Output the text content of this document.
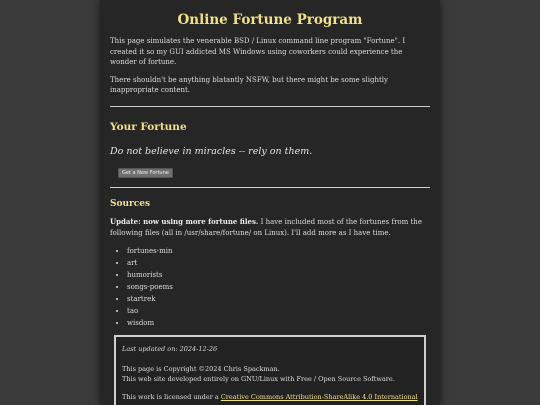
Online Fortune Program

This page simulates the venerable BSD / Linux command line program "Fortune". I created it so my GUI addicted MS Windows using coworkers could experience the wonder of fortune.

There shouldn't be anything blatantly NSFW, but there might be some slightly inappropriate content.

Your Fortune

Do not believe in miracles -- rely on them.

Get a New Fortune
Sources

Update: now using more fortune files. I have included most of the fortunes from the following files (all in /usr/share/fortune/ on Linux). I'll add more as I have time.

• fortunes-min
• art
• humorists
• songs-poems
• startrek
• tao
• wisdom

Last updated on: 2024-12-26

This page is Copyright ©2024 Chris Spackman.
This web site developed entirely on GNU/Linux with Free / Open Source Software.

This work is licensed under a Creative Commons Attribution-ShareAlike 4.0 International
